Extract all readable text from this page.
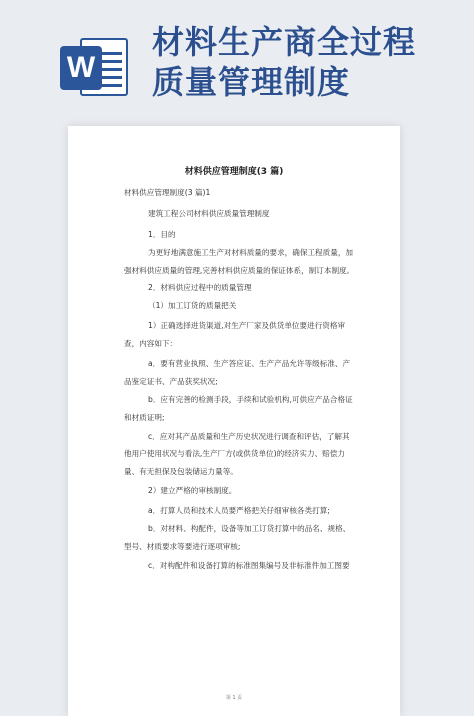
W
材料生产商全过程
质量管理制度
材料供应管理制度(3 篇)
材料供应管理制度(3 篇)1
建筑工程公司材料供应质量管理制度
1．目的
为更好地满意施工生产对材料质量的要求，确保工程质量，加
强材料供应质量的管理,完善材料供应质量的保证体系，制订本制度。
2．材料供应过程中的质量管理
（1）加工订货的质量把关
1）正确选择进货渠道,对生产厂家及供货单位要进行资格审
查，内容如下：
a．要有营业执照、生产答应证、生产产品允许等级标准、产
品鉴定证书、产品获奖状况;
b．应有完善的检测手段，手续和试验机构,可供应产品合格证
和材质证明;
c．应对其产品质量和生产历史状况进行调查和评估，了解其
他用户使用状况与看法,生产厂方(或供货单位)的经济实力、赔偿力
量、有无担保及包装储运力量等。
2）建立严格的审核制度。
a．打算人员和技术人员要严格把关仔细审核各类打算;
b．对材料、构配件，设备等加工订货打算中的品名、规格、
型号、材质要求等要进行逐项审核;
c．对构配件和设备打算的标准图集编号及非标准件加工图要
第 1 页
